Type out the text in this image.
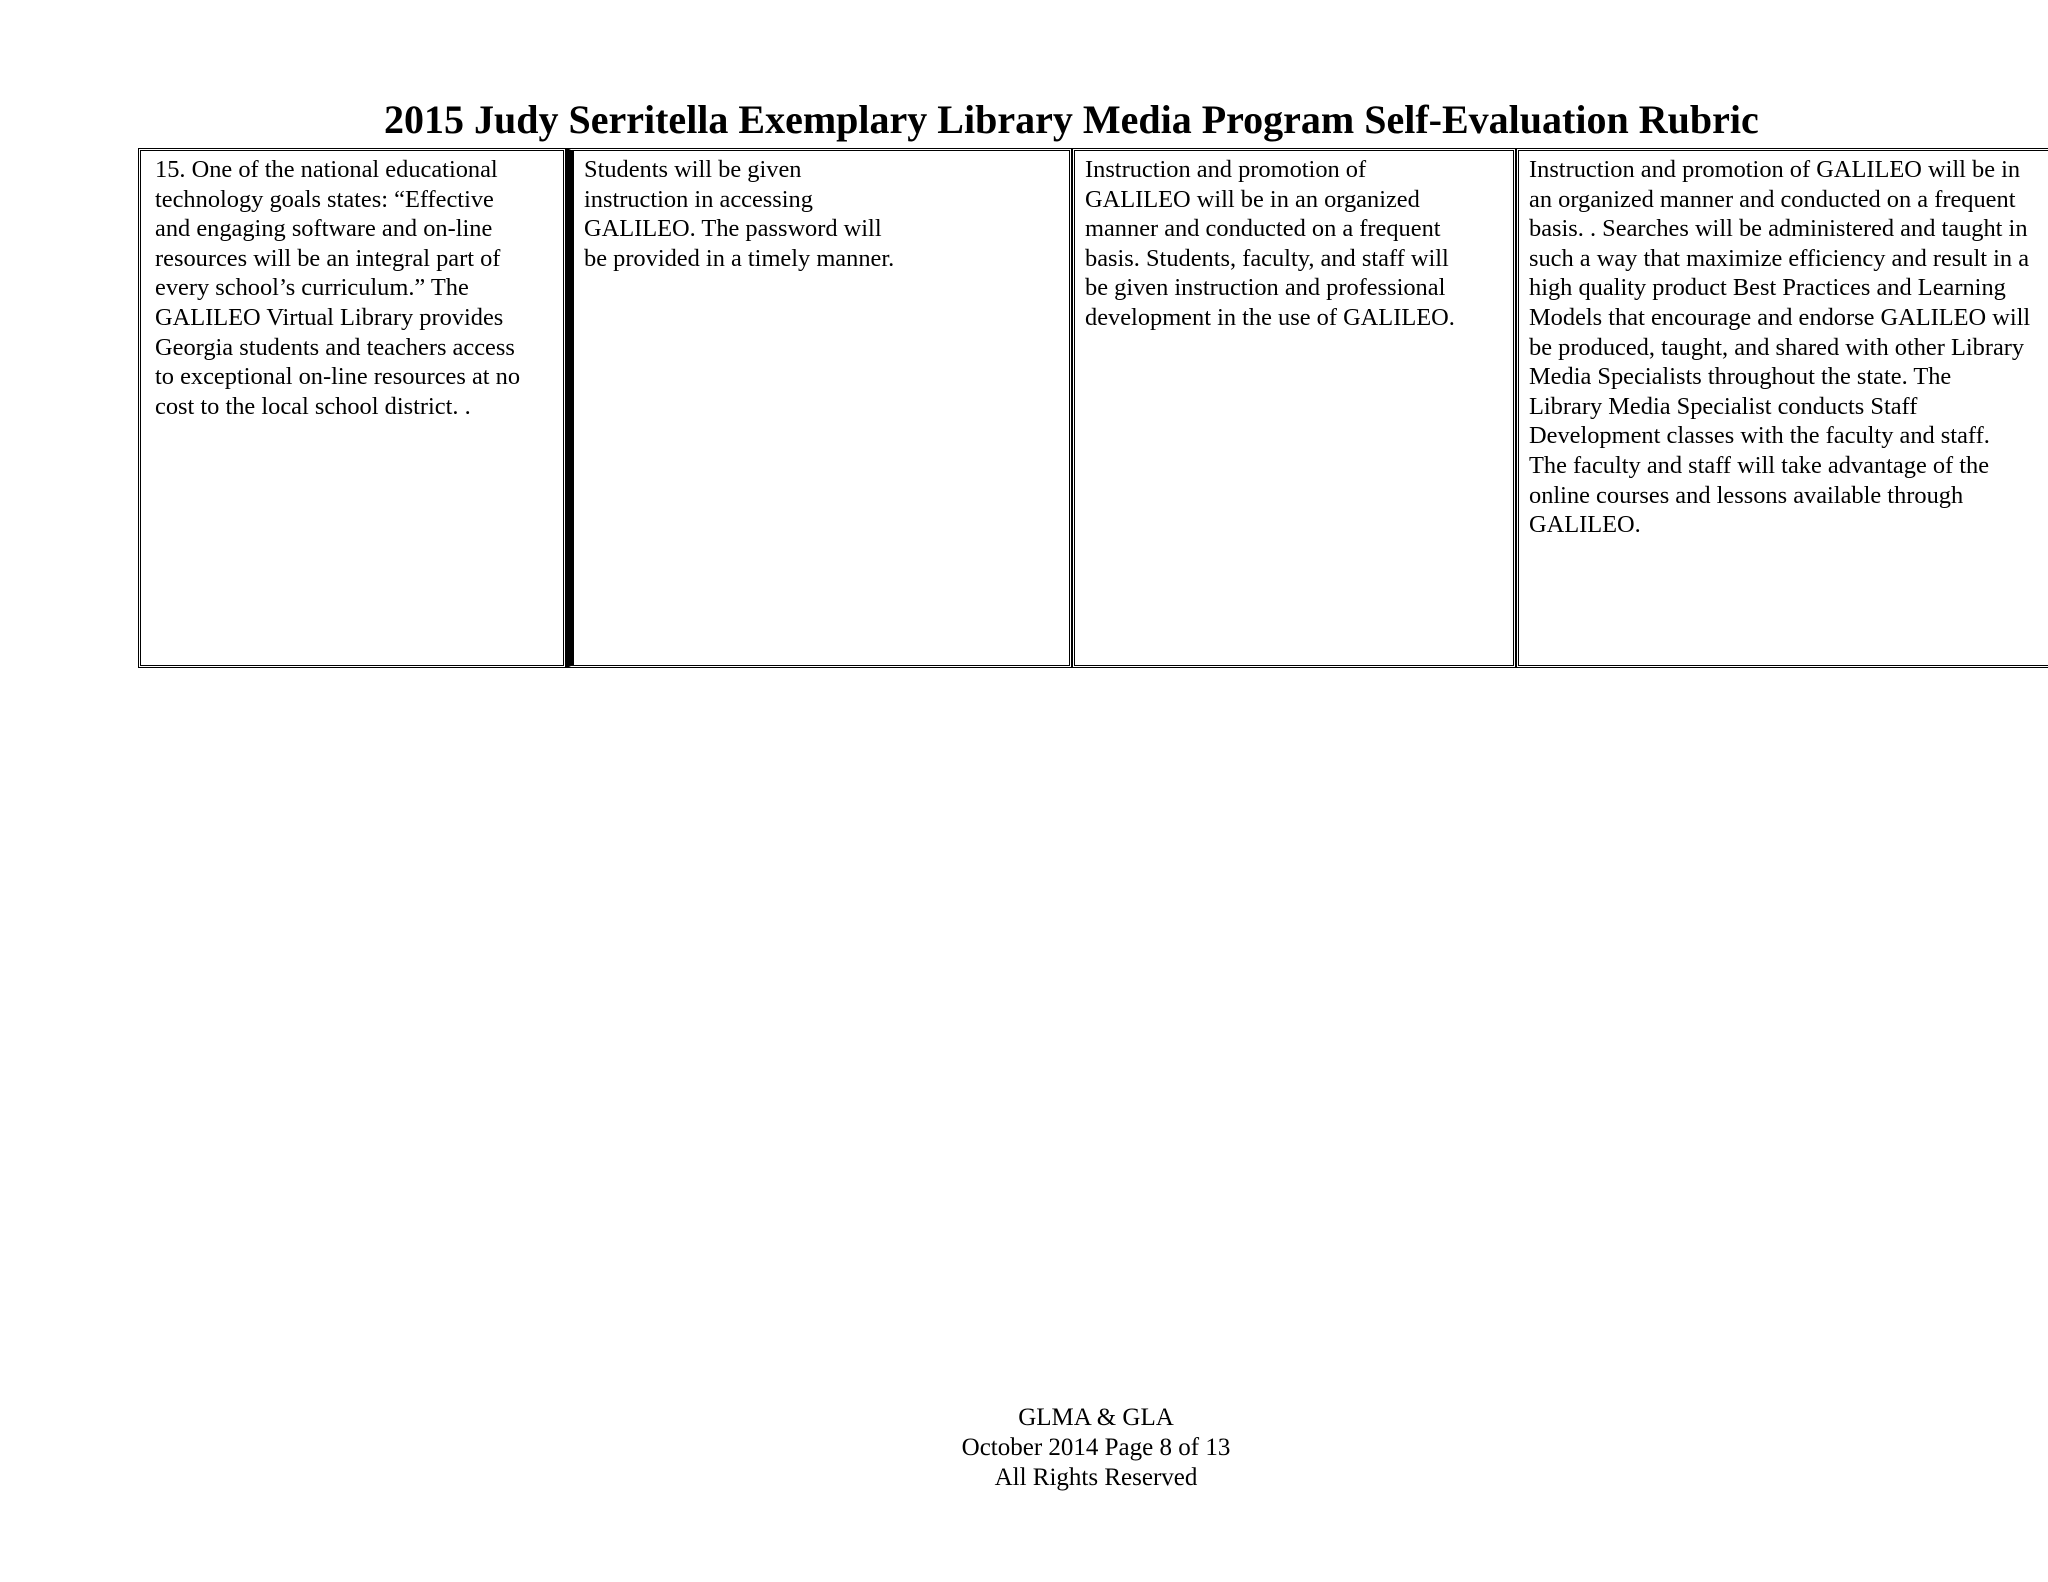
2015 Judy Serritella Exemplary Library Media Program Self-Evaluation Rubric
15. One of the national educational
technology goals states: “Effective
and engaging software and on-line
resources will be an integral part of
every school’s curriculum.” The
GALILEO Virtual Library provides
Georgia students and teachers access
to exceptional on-line resources at no
cost to the local school district. .
Students will be given
instruction in accessing
GALILEO. The password will
be provided in a timely manner.
Instruction and promotion of
GALILEO will be in an organized
manner and conducted on a frequent
basis. Students, faculty, and staff will
be given instruction and professional
development in the use of GALILEO.
Instruction and promotion of GALILEO will be in
an organized manner and conducted on a frequent
basis. . Searches will be administered and taught in
such a way that maximize efficiency and result in a
high quality product Best Practices and Learning
Models that encourage and endorse GALILEO will
be produced, taught, and shared with other Library
Media Specialists throughout the state. The
Library Media Specialist conducts Staff
Development classes with the faculty and staff.
The faculty and staff will take advantage of the
online courses and lessons available through
GALILEO.
GLMA & GLA
October 2014 Page 8 of 13
All Rights Reserved
